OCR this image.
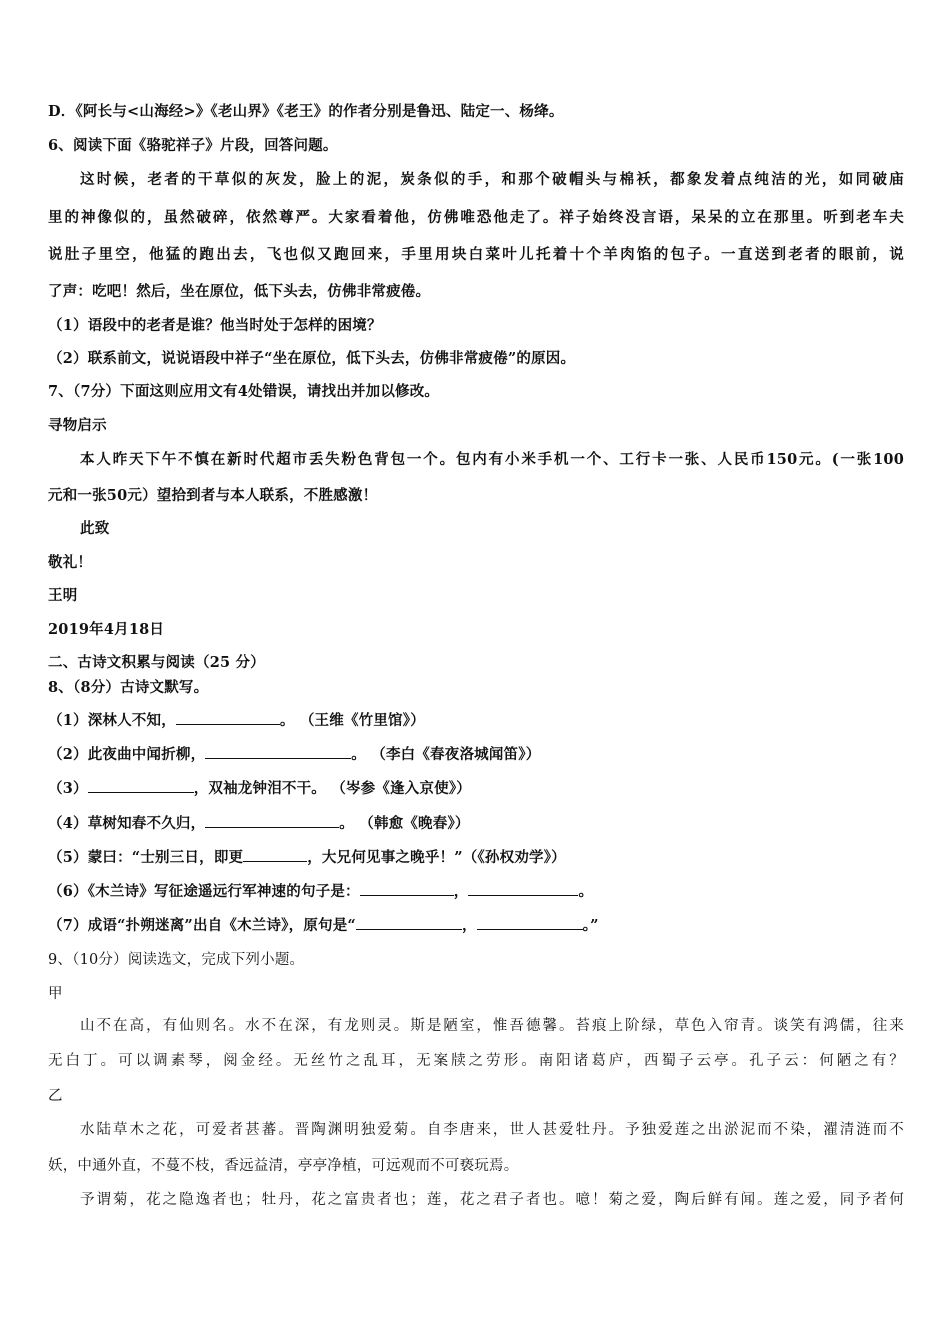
D．《阿长与<山海经>》《老山界》《老王》的作者分别是鲁迅、陆定一、杨绛。
6、阅读下面《骆驼祥子》片段，回答问题。
这时候，老者的干草似的灰发，脸上的泥，炭条似的手，和那个破帽头与棉袄，都象发着点纯洁的光，如同破庙
里的神像似的，虽然破碎，依然尊严。大家看着他，仿佛唯恐他走了。祥子始终没言语，呆呆的立在那里。听到老车夫
说肚子里空，他猛的跑出去，飞也似又跑回来，手里用块白菜叶儿托着十个羊肉馅的包子。一直送到老者的眼前，说
了声：吃吧！然后，坐在原位，低下头去，仿佛非常疲倦。
（1）语段中的老者是谁？他当时处于怎样的困境？
（2）联系前文，说说语段中祥子“坐在原位，低下头去，仿佛非常疲倦”的原因。
7、（7分）下面这则应用文有4处错误，请找出并加以修改。
寻物启示
本人昨天下午不慎在新时代超市丢失粉色背包一个。包内有小米手机一个、工行卡一张、人民币150元。(一张100
元和一张50元）望拾到者与本人联系，不胜感激！
此致
敬礼！
王明
2019年4月18日
二、古诗文积累与阅读（25 分）
8、（8分）古诗文默写。
（1）深林人不知，	。 （王维《竹里馆》）
（2）此夜曲中闻折柳，	。 （李白《春夜洛城闻笛》）
（3）	，双袖龙钟泪不干。 （岑参《逢入京使》）
（4）草树知春不久归，	。 （韩愈《晚春》）
（5）蒙曰：“士别三日，即更	，大兄何见事之晚乎！”（《孙权劝学》）
（6）《木兰诗》写征途遥远行军神速的句子是：	，	。
（7）成语“扑朔迷离”出自《木兰诗》，原句是“	，	。”
9、（10分）阅读选文，完成下列小题。
甲
山不在高，有仙则名。水不在深，有龙则灵。斯是陋室，惟吾德馨。苔痕上阶绿，草色入帘青。谈笑有鸿儒，往来
无白丁。可以调素琴，阅金经。无丝竹之乱耳，无案牍之劳形。南阳诸葛庐，西蜀子云亭。孔子云：何陋之有？
乙
水陆草木之花，可爱者甚蕃。晋陶渊明独爱菊。自李唐来，世人甚爱牡丹。予独爱莲之出淤泥而不染，濯清涟而不
妖，中通外直，不蔓不枝，香远益清，亭亭净植，可远观而不可亵玩焉。
予谓菊，花之隐逸者也；牡丹，花之富贵者也；莲，花之君子者也。噫！菊之爱，陶后鲜有闻。莲之爱，同予者何
